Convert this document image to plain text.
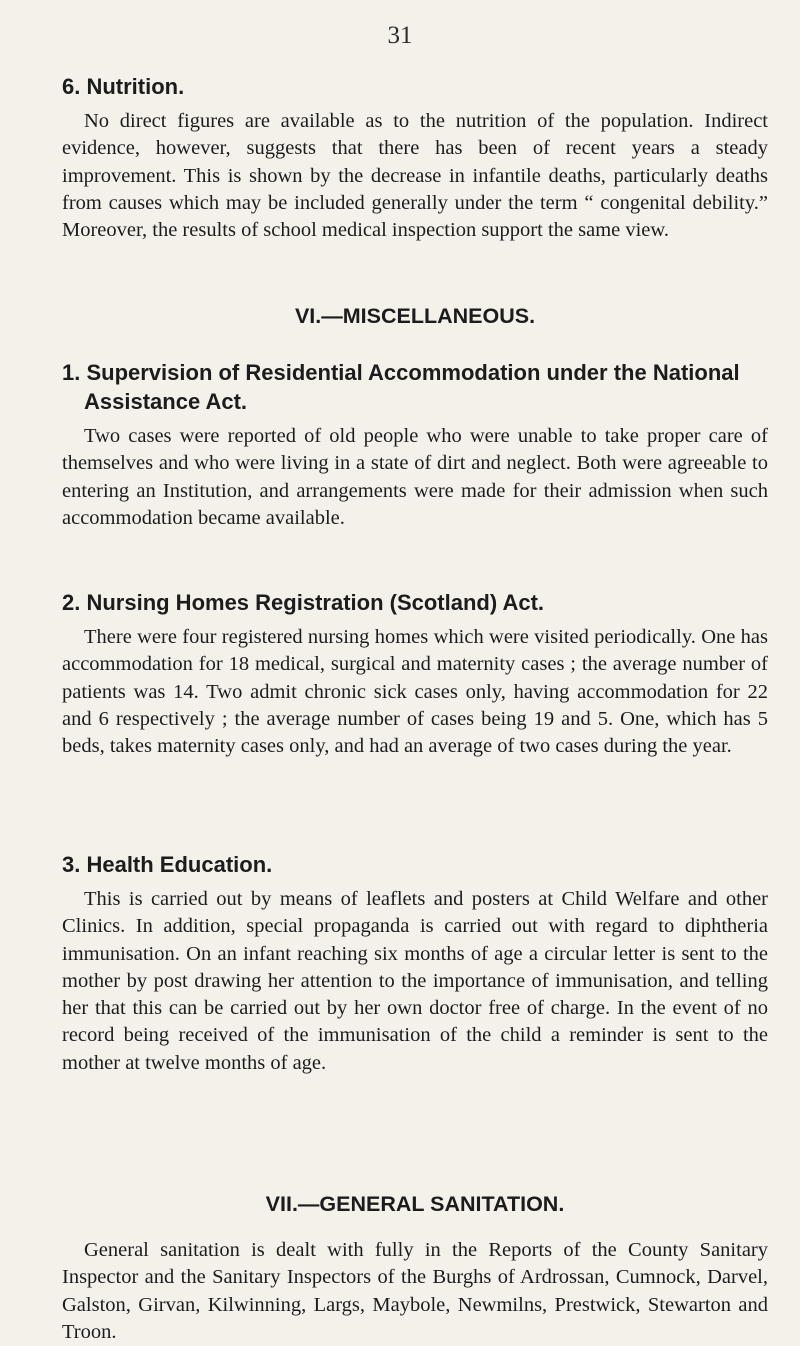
31
6. Nutrition.

No direct figures are available as to the nutrition of the population. Indirect evidence, however, suggests that there has been of recent years a steady improvement. This is shown by the decrease in infantile deaths, particularly deaths from causes which may be included generally under the term “ congenital debility.” Moreover, the results of school medical inspection support the same view.

VI.—MISCELLANEOUS.
1. Supervision of Residential Accommodation under the National Assistance Act.

Two cases were reported of old people who were unable to take proper care of themselves and who were living in a state of dirt and neglect. Both were agreeable to entering an Institution, and arrangements were made for their admission when such accommodation became available.

2. Nursing Homes Registration (Scotland) Act.

There were four registered nursing homes which were visited periodically. One has accommodation for 18 medical, surgical and maternity cases ; the average number of patients was 14. Two admit chronic sick cases only, having accommodation for 22 and 6 respectively ; the average number of cases being 19 and 5. One, which has 5 beds, takes maternity cases only, and had an average of two cases during the year.

3. Health Education.

This is carried out by means of leaflets and posters at Child Welfare and other Clinics. In addition, special propaganda is carried out with regard to diphtheria immunisation. On an infant reaching six months of age a circular letter is sent to the mother by post drawing her attention to the importance of immunisation, and telling her that this can be carried out by her own doctor free of charge. In the event of no record being received of the immunisation of the child a reminder is sent to the mother at twelve months of age.

VII.—GENERAL SANITATION.

General sanitation is dealt with fully in the Reports of the County Sanitary Inspector and the Sanitary Inspectors of the Burghs of Ardrossan, Cumnock, Darvel, Galston, Girvan, Kilwinning, Largs, Maybole, Newmilns, Prestwick, Stewarton and Troon.
